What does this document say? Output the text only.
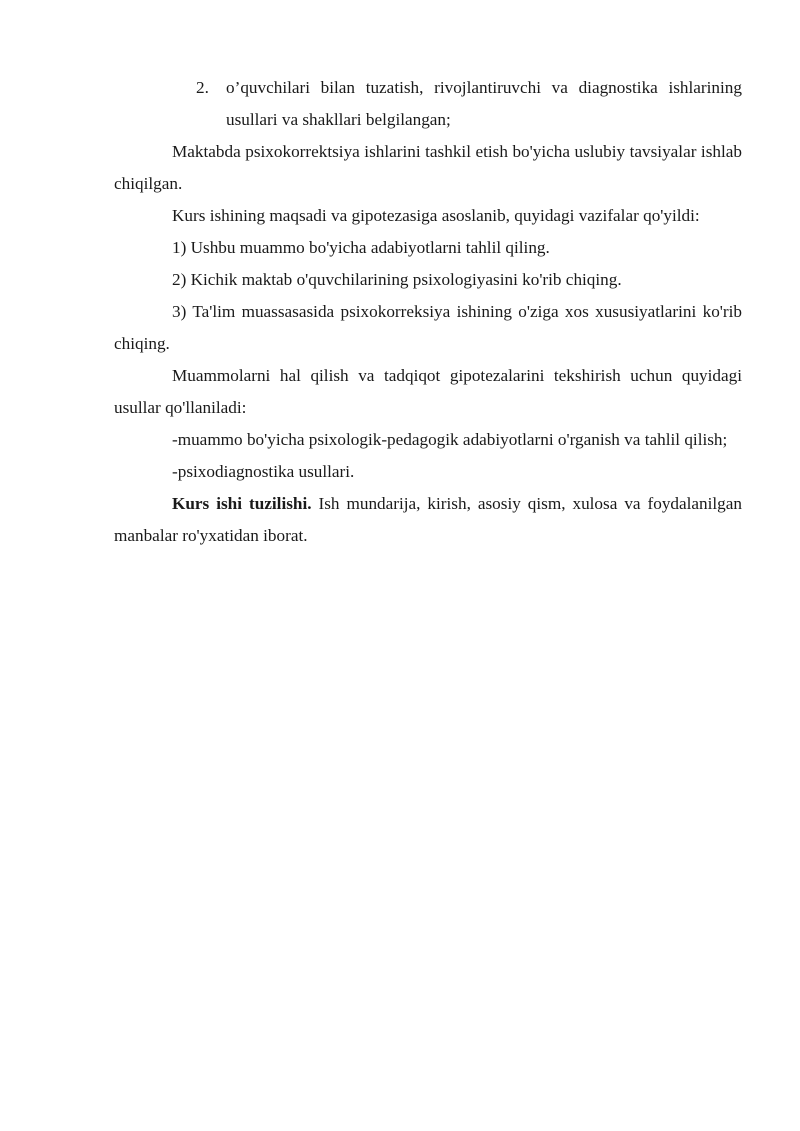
2. o’quvchilari bilan tuzatish, rivojlantiruvchi va diagnostika ishlarining usullari va shakllari belgilangan;

Maktabda psixokorrektsiya ishlarini tashkil etish bo'yicha uslubiy tavsiyalar ishlab chiqilgan.

Kurs ishining maqsadi va gipotezasiga asoslanib, quyidagi vazifalar qo'yildi:

1) Ushbu muammo bo'yicha adabiyotlarni tahlil qiling.

2) Kichik maktab o'quvchilarining psixologiyasini ko'rib chiqing.

3) Ta'lim muassasasida psixokorreksiya ishining o'ziga xos xususiyatlarini ko'rib chiqing.

Muammolarni hal qilish va tadqiqot gipotezalarini tekshirish uchun quyidagi usullar qo'llaniladi:

-muammo bo'yicha psixologik-pedagogik adabiyotlarni o'rganish va tahlil qilish;

-psixodiagnostika usullari.

Kurs ishi tuzilishi. Ish mundarija, kirish, asosiy qism, xulosa va foydalanilgan manbalar ro'yxatidan iborat.
